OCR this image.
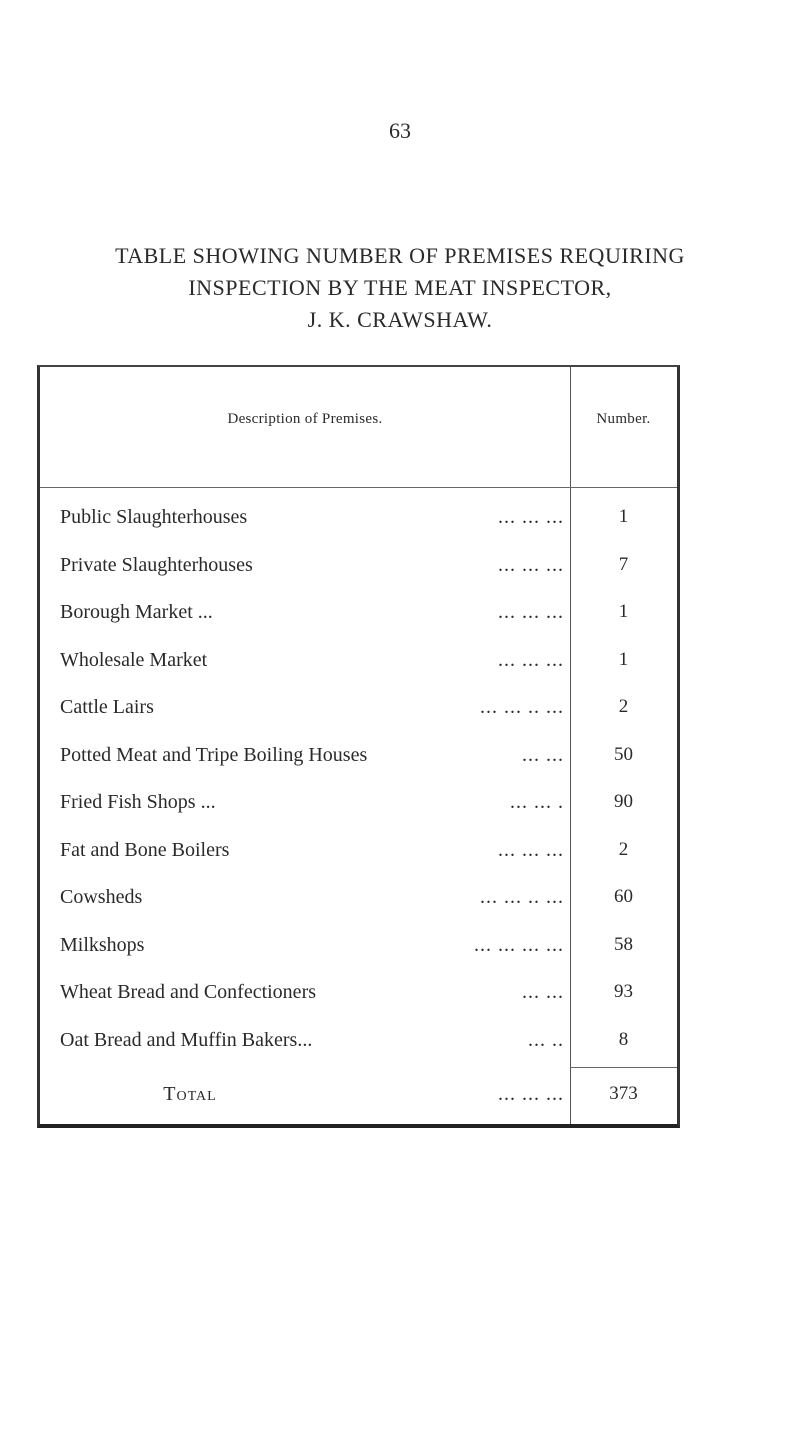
63
TABLE SHOWING NUMBER OF PREMISES REQUIRING
INSPECTION BY THE MEAT INSPECTOR,
J. K. CRAWSHAW.
Description of Premises.	Number.
Public Slaughterhouses	... ... ...	1
Private Slaughterhouses	... ... ...	7
Borough Market ...	... ... ...	1
Wholesale Market	... ... ...	1
Cattle Lairs	... ... .. ...	2
Potted Meat and Tripe Boiling Houses	... ...	50
Fried Fish Shops ...	... ... .	90
Fat and Bone Boilers	... ... ...	2
Cowsheds	... ... .. ...	60
Milkshops	... ... ... ...	58
Wheat Bread and Confectioners	... ...	93
Oat Bread and Muffin Bakers...	... ..	8
Total	... ... ...	373
